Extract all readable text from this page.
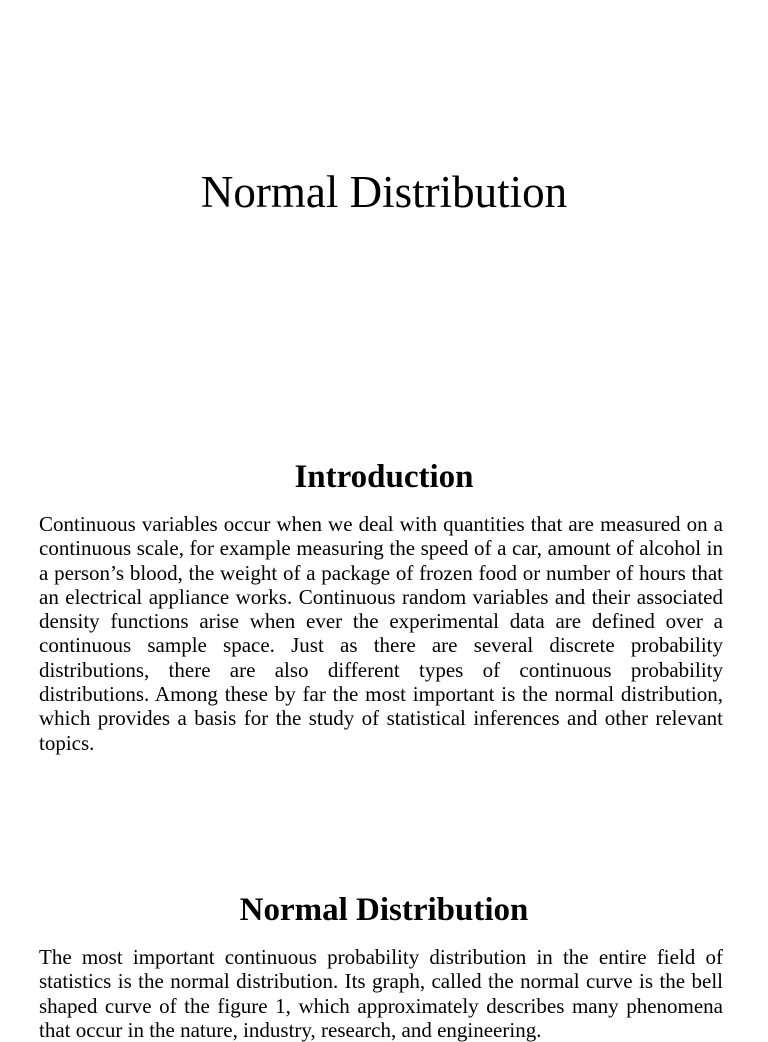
Normal Distribution
Introduction

Continuous variables occur when we deal with quantities that are measured on a continuous scale, for example measuring the speed of a car, amount of alcohol in a person’s blood, the weight of a package of frozen food or number of hours that an electrical appliance works. Continuous random variables and their associated density functions arise when ever the experimental data are defined over a continuous sample space. Just as there are several discrete probability distributions, there are also different types of continuous probability distributions. Among these by far the most important is the normal distribution, which provides a basis for the study of statistical inferences and other relevant topics.

Normal Distribution

The most important continuous probability distribution in the entire field of statistics is the normal distribution. Its graph, called the normal curve is the bell shaped curve of the figure 1, which approximately describes many phenomena that occur in the nature, industry, research, and engineering.
